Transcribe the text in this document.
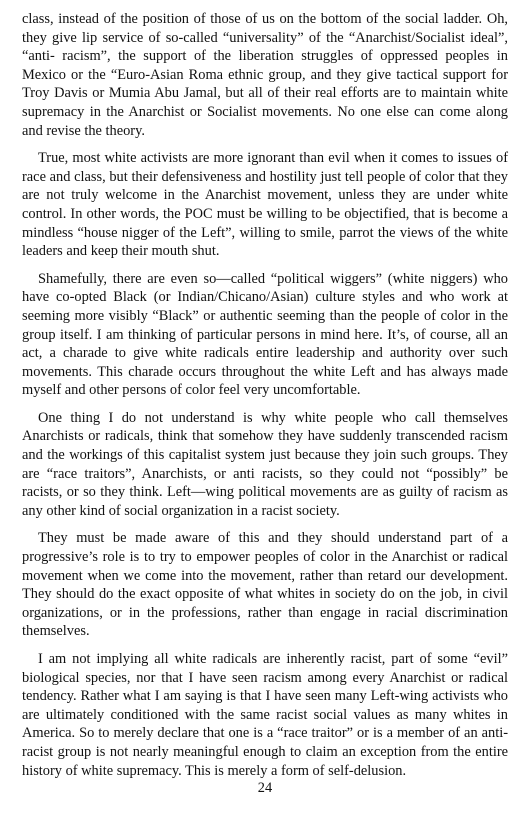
class, instead of the position of those of us on the bottom of the social ladder. Oh, they give lip service of so-called “universality” of the “Anarchist/Socialist ideal”, “anti- racism”, the support of the liberation struggles of oppressed peoples in Mexico or the “Euro-Asian Roma ethnic group, and they give tactical support for Troy Davis or Mumia Abu Jamal, but all of their real efforts are to maintain white supremacy in the Anarchist or Socialist movements. No one else can come along and revise the theory.

True, most white activists are more ignorant than evil when it comes to issues of race and class, but their defensiveness and hostility just tell people of color that they are not truly welcome in the Anarchist movement, unless they are under white control. In other words, the POC must be willing to be objectified, that is become a mindless “house nigger of the Left”, willing to smile, parrot the views of the white leaders and keep their mouth shut.

Shamefully, there are even so—called “political wiggers” (white niggers) who have co-opted Black (or Indian/Chicano/Asian) culture styles and who work at seeming more visibly “Black” or authentic seeming than the people of color in the group itself. I am thinking of particular persons in mind here. It’s, of course, all an act, a charade to give white radicals entire leadership and authority over such movements. This charade occurs throughout the white Left and has always made myself and other persons of color feel very uncomfortable.

One thing I do not understand is why white people who call themselves Anarchists or radicals, think that somehow they have suddenly transcended racism and the workings of this capitalist system just because they join such groups. They are “race traitors”, Anarchists, or anti racists, so they could not “possibly” be racists, or so they think. Left—wing political movements are as guilty of racism as any other kind of social organization in a racist society.

They must be made aware of this and they should understand part of a progressive’s role is to try to empower peoples of color in the Anarchist or radical movement when we come into the movement, rather than retard our development. They should do the exact opposite of what whites in society do on the job, in civil organizations, or in the professions, rather than engage in racial discrimination themselves.

I am not implying all white radicals are inherently racist, part of some “evil” biological species, nor that I have seen racism among every Anarchist or radical tendency. Rather what I am saying is that I have seen many Left-wing activists who are ultimately conditioned with the same racist social values as many whites in America. So to merely declare that one is a “race traitor” or is a member of an anti-racist group is not nearly meaningful enough to claim an exception from the entire history of white supremacy. This is merely a form of self-delusion.

24
